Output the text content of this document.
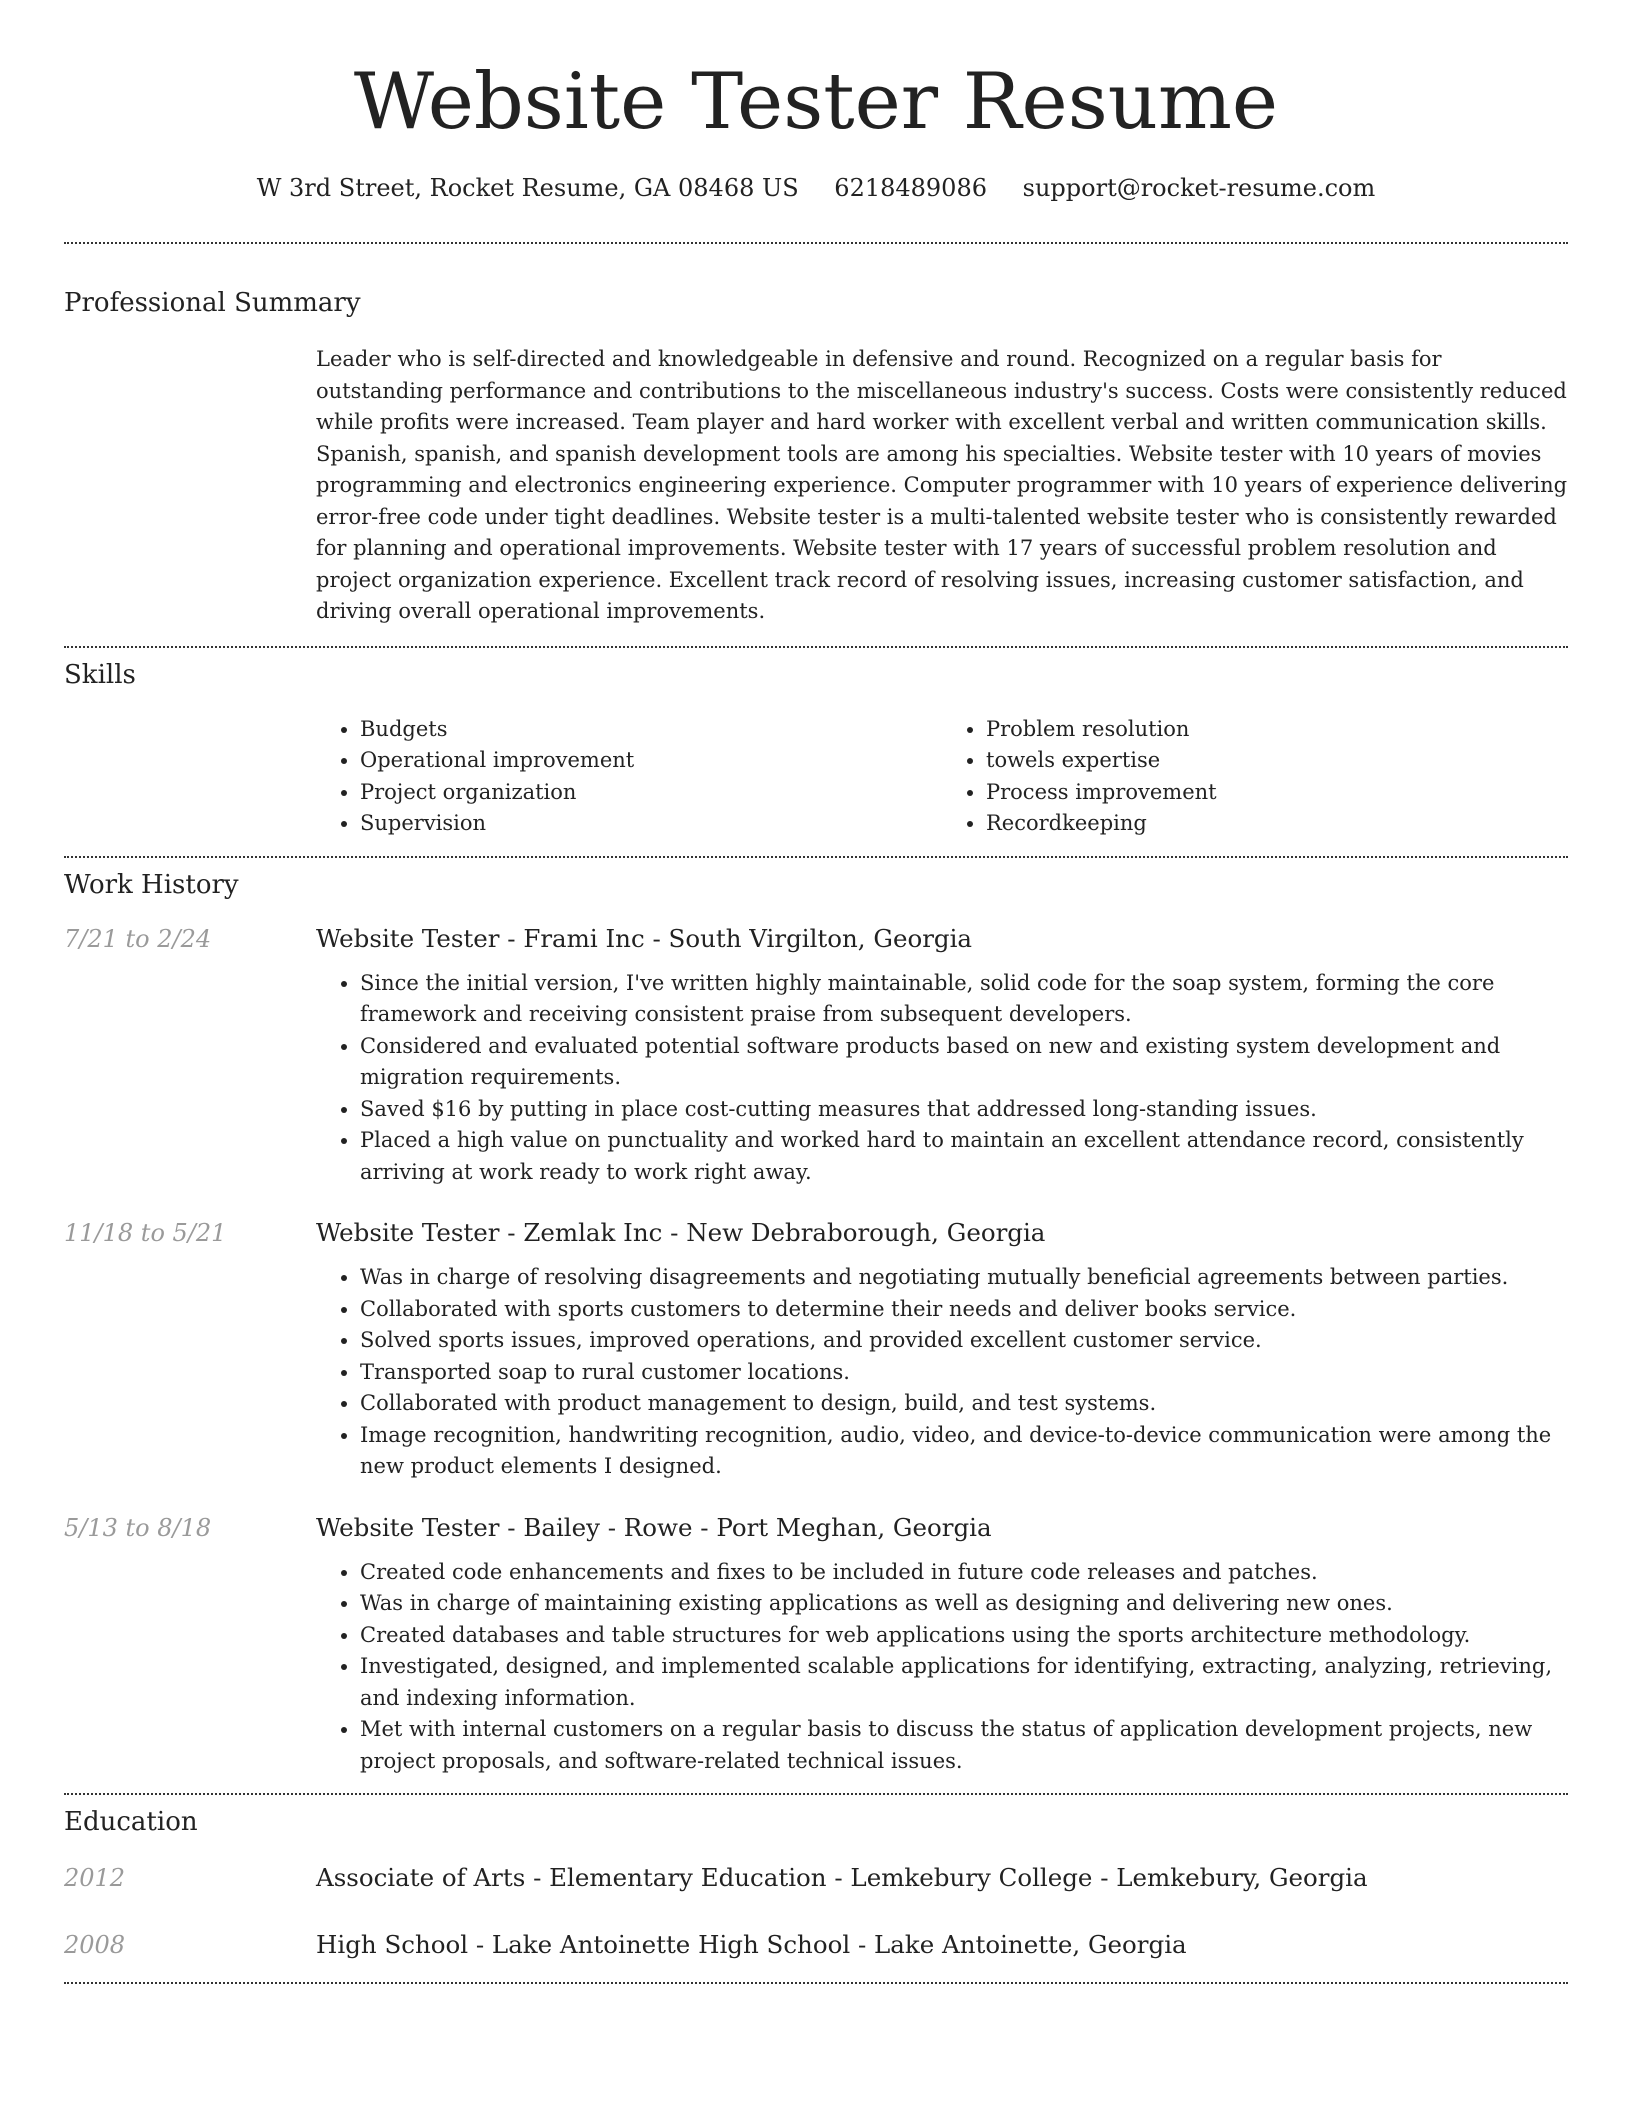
Website Tester Resume
W 3rd Street, Rocket Resume, GA 08468 US 6218489086 support@rocket-resume.com
Professional Summary

Leader who is self-directed and knowledgeable in defensive and round. Recognized on a regular basis for outstanding performance and contributions to the miscellaneous industry's success. Costs were consistently reduced while profits were increased. Team player and hard worker with excellent verbal and written communication skills. Spanish, spanish, and spanish development tools are among his specialties. Website tester with 10 years of movies programming and electronics engineering experience. Computer programmer with 10 years of experience delivering error-free code under tight deadlines. Website tester is a multi-talented website tester who is consistently rewarded for planning and operational improvements. Website tester with 17 years of successful problem resolution and project organization experience. Excellent track record of resolving issues, increasing customer satisfaction, and driving overall operational improvements.

Skills
• Budgets
• Operational improvement
• Project organization
• Supervision
• Problem resolution
• towels expertise
• Process improvement
• Recordkeeping
Work History
7/21 to 2/24	Website Tester - Frami Inc - South Virgilton, Georgia
• Since the initial version, I've written highly maintainable, solid code for the soap system, forming the core framework and receiving consistent praise from subsequent developers.
• Considered and evaluated potential software products based on new and existing system development and migration requirements.
• Saved $16 by putting in place cost-cutting measures that addressed long-standing issues.
• Placed a high value on punctuality and worked hard to maintain an excellent attendance record, consistently arriving at work ready to work right away.
11/18 to 5/21	Website Tester - Zemlak Inc - New Debraborough, Georgia
• Was in charge of resolving disagreements and negotiating mutually beneficial agreements between parties.
• Collaborated with sports customers to determine their needs and deliver books service.
• Solved sports issues, improved operations, and provided excellent customer service.
• Transported soap to rural customer locations.
• Collaborated with product management to design, build, and test systems.
• Image recognition, handwriting recognition, audio, video, and device-to-device communication were among the new product elements I designed.
5/13 to 8/18	Website Tester - Bailey - Rowe - Port Meghan, Georgia
• Created code enhancements and fixes to be included in future code releases and patches.
• Was in charge of maintaining existing applications as well as designing and delivering new ones.
• Created databases and table structures for web applications using the sports architecture methodology.
• Investigated, designed, and implemented scalable applications for identifying, extracting, analyzing, retrieving, and indexing information.
• Met with internal customers on a regular basis to discuss the status of application development projects, new project proposals, and software-related technical issues.
Education
2012	Associate of Arts - Elementary Education - Lemkebury College - Lemkebury, Georgia
2008	High School - Lake Antoinette High School - Lake Antoinette, Georgia
